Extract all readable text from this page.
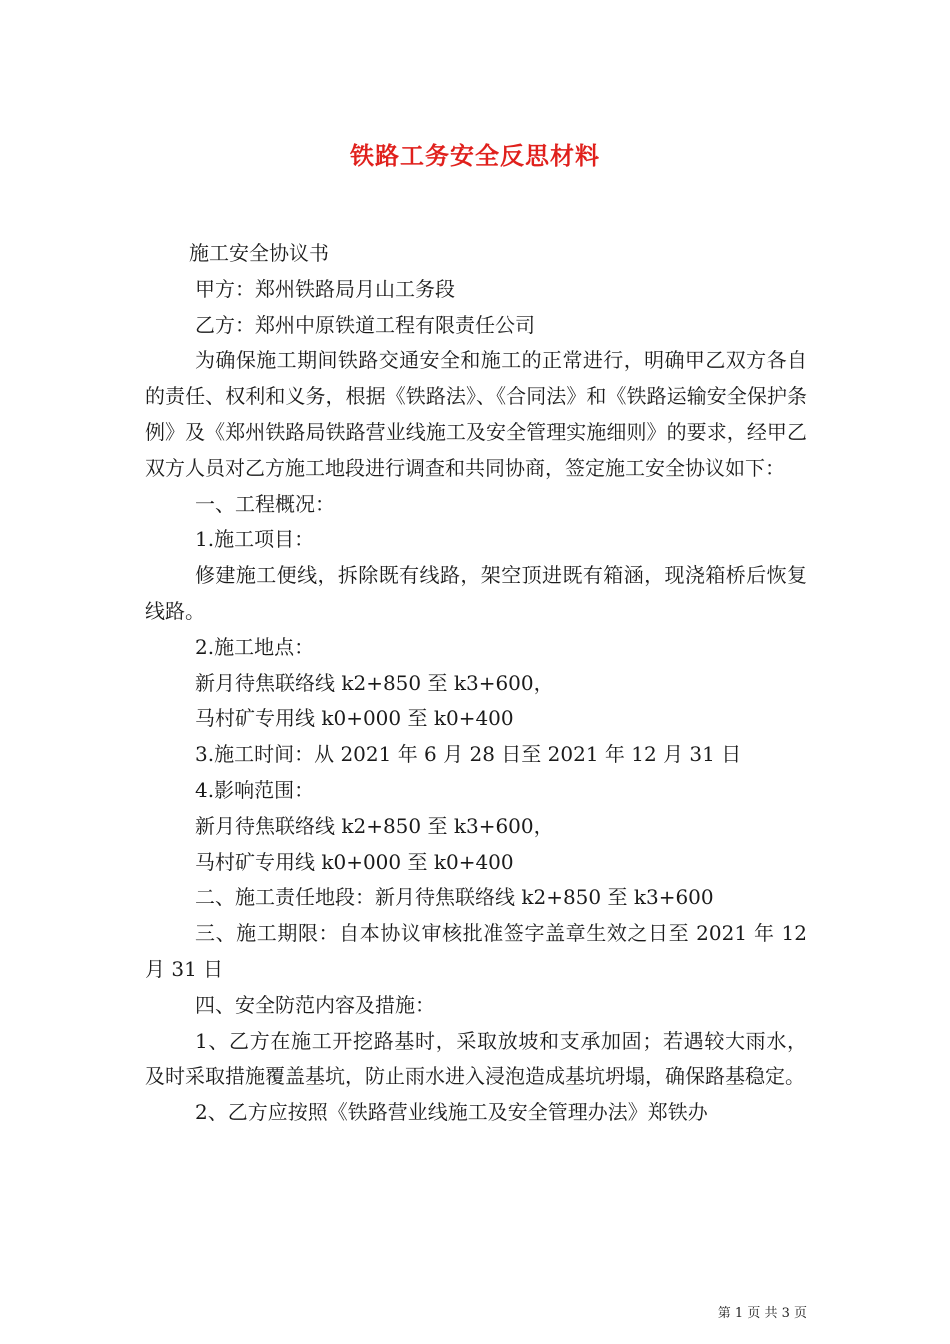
铁路工务安全反思材料

施工安全协议书

甲方：郑州铁路局月山工务段

乙方：郑州中原铁道工程有限责任公司

为确保施工期间铁路交通安全和施工的正常进行，明确甲乙双方各自的责任、权利和义务，根据《铁路法》、《合同法》和《铁路运输安全保护条例》及《郑州铁路局铁路营业线施工及安全管理实施细则》的要求，经甲乙双方人员对乙方施工地段进行调查和共同协商，签定施工安全协议如下：

一、工程概况：

1.施工项目：

修建施工便线，拆除既有线路，架空顶进既有箱涵，现浇箱桥后恢复线路。

2.施工地点：

新月待焦联络线 k2+850 至 k3+600，

马村矿专用线 k0+000 至 k0+400

3.施工时间：从 2021 年 6 月 28 日至 2021 年 12 月 31 日

4.影响范围：

新月待焦联络线 k2+850 至 k3+600，

马村矿专用线 k0+000 至 k0+400

二、施工责任地段：新月待焦联络线 k2+850 至 k3+600

三、施工期限：自本协议审核批准签字盖章生效之日至 2021 年 12 月 31 日

四、安全防范内容及措施：

1、乙方在施工开挖路基时，采取放坡和支承加固；若遇较大雨水，及时采取措施覆盖基坑，防止雨水进入浸泡造成基坑坍塌，确保路基稳定。

2、乙方应按照《铁路营业线施工及安全管理办法》郑铁办

第 1 页 共 3 页
